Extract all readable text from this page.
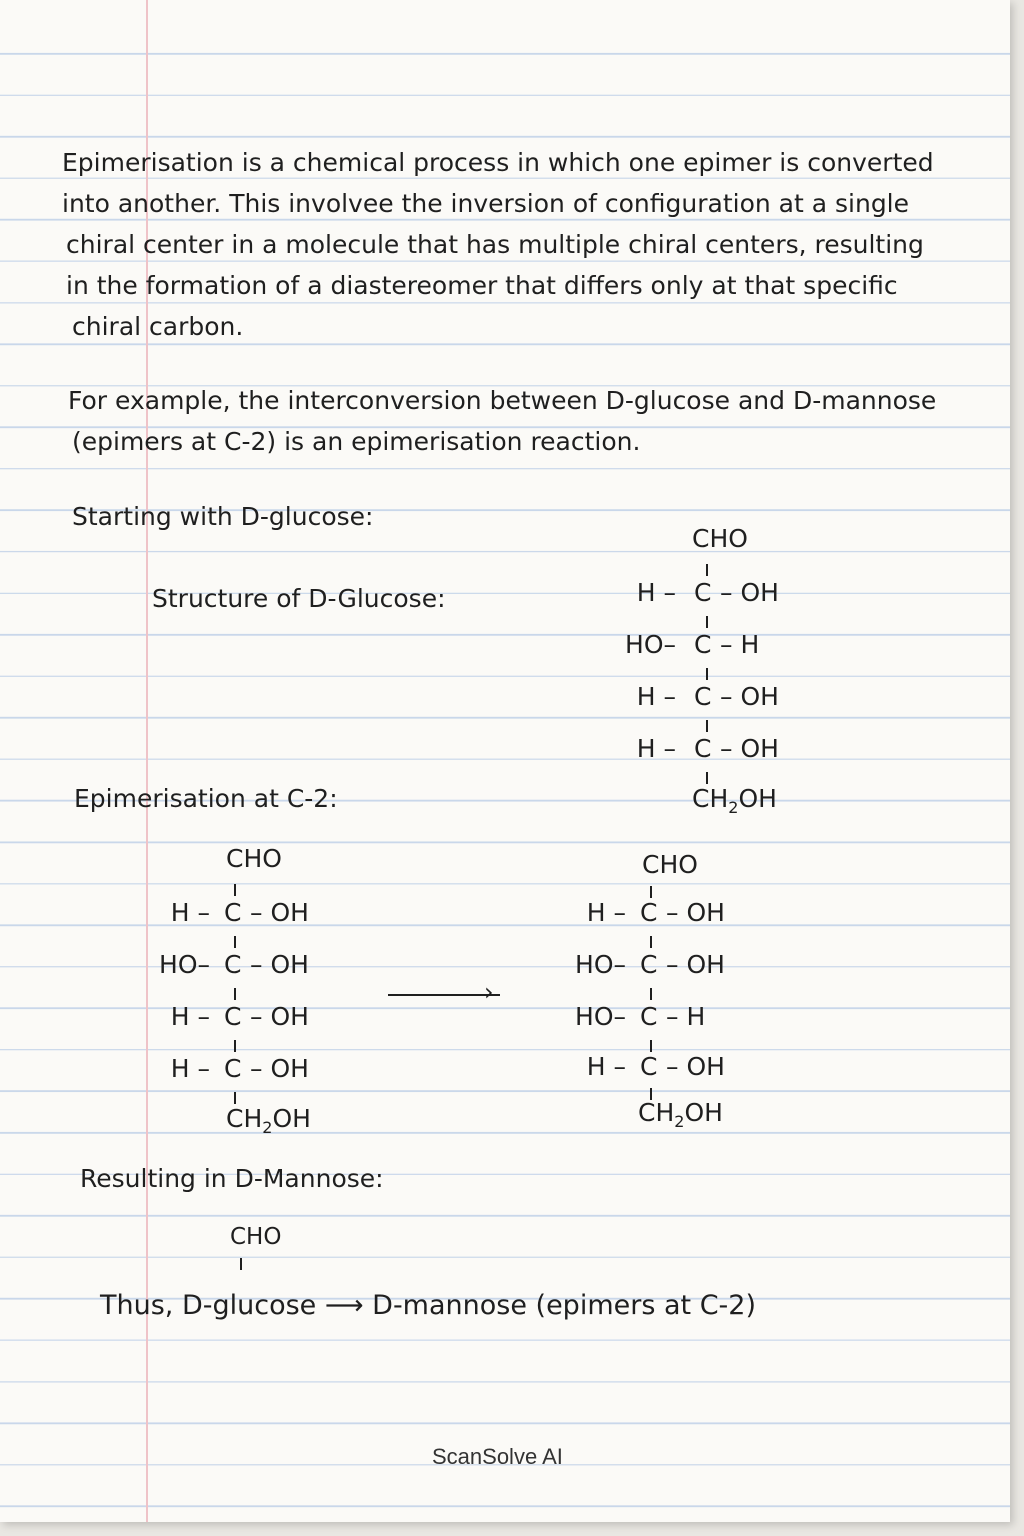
Epimerisation is a chemical process in which one epimer is converted

into another. This involvee the inversion of configuration at a single

chiral center in a molecule that has multiple chiral centers, resulting

in the formation of a diastereomer that differs only at that specific

chiral carbon.

For example, the interconversion between D-glucose and D-mannose

(epimers at C-2) is an epimerisation reaction.

Starting with D-glucose:

Structure of D-Glucose:

CHO
H – C – OH
HO– C – H
H – C – OH
H – C – OH
$CH_2OH$

Epimerisation at C-2:

CHO
H – C – OH
HO– C – OH
H – C – OH
H – C – OH
$CH_2OH$
›
CHO
H – C – OH
HO– C – OH
HO– C – H
H – C – OH
$CH_2OH$

Resulting in D-Mannose:

CHO

Thus, D-glucose ⟶ D-mannose (epimers at C-2)

ScanSolve AI
